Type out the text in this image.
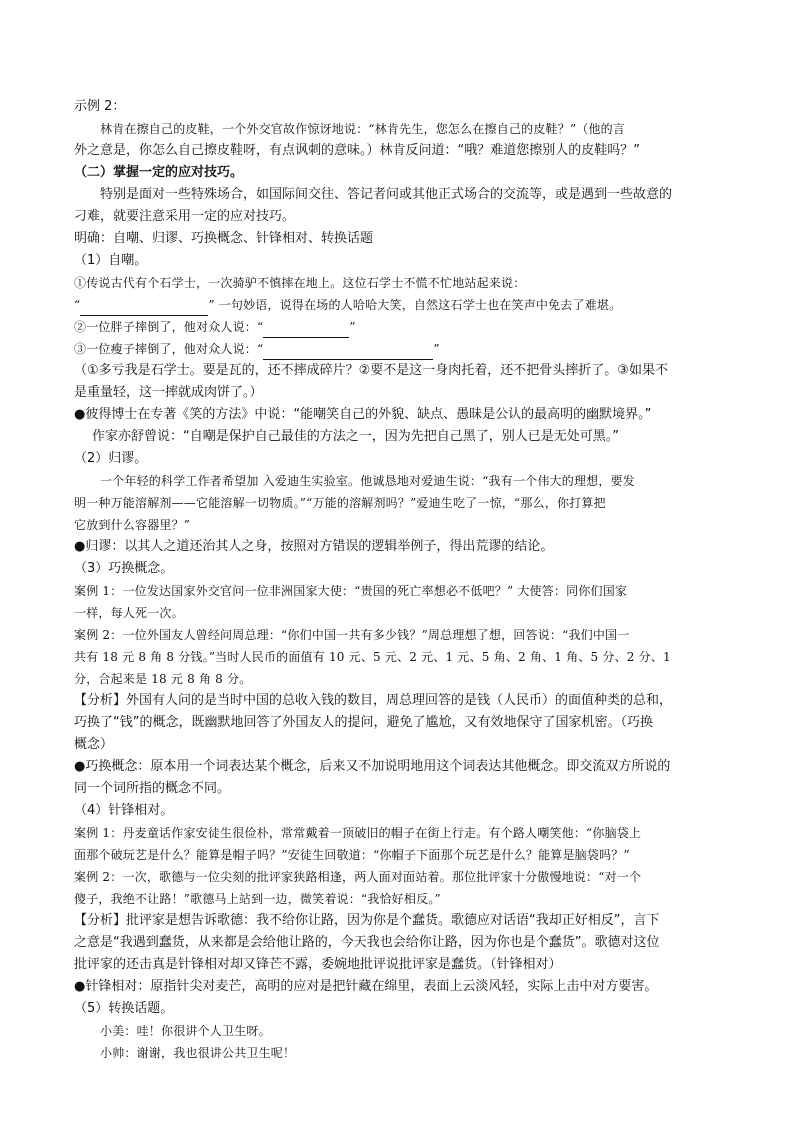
示例 2：
林肯在擦自己的皮鞋，一个外交官故作惊讶地说：“林肯先生，您怎么在擦自己的皮鞋？”（他的言
外之意是，你怎么自己擦皮鞋呀，有点讽刺的意味。）林肯反问道：“哦？难道您擦别人的皮鞋吗？”
（二）掌握一定的应对技巧。
特别是面对一些特殊场合，如国际间交往、答记者问或其他正式场合的交流等，或是遇到一些故意的
刁难，就要注意采用一定的应对技巧。
明确：自嘲、归谬、巧换概念、针锋相对、转换话题
（1）自嘲。
①传说古代有个石学士，一次骑驴不慎摔在地上。这位石学士不慌不忙地站起来说：
“	” 一句妙语，说得在场的人哈哈大笑，自然这石学士也在笑声中免去了难堪。
②一位胖子摔倒了，他对众人说：“	”
③一位瘦子摔倒了，他对众人说：“	”
（①多亏我是石学士。要是瓦的，还不摔成碎片？②要不是这一身肉托着，还不把骨头摔折了。③如果不
是重量轻，这一摔就成肉饼了。）
●彼得博士在专著《笑的方法》中说：“能嘲笑自己的外貌、缺点、愚昧是公认的最高明的幽默境界。”
作家亦舒曾说：“自嘲是保护自己最佳的方法之一，因为先把自己黑了，别人已是无处可黑。”
（2）归谬。
一个年轻的科学工作者希望加 入爱迪生实验室。他诚恳地对爱迪生说：“我有一个伟大的理想，要发
明一种万能溶解剂——它能溶解一切物质。”“万能的溶解剂吗？”爱迪生吃了一惊，“那么，你打算把
它放到什么容器里？”
●归谬：以其人之道还治其人之身，按照对方错误的逻辑举例子，得出荒谬的结论。
（3）巧换概念。
案例 1：一位发达国家外交官问一位非洲国家大使：“贵国的死亡率想必不低吧？” 大使答：同你们国家
一样，每人死一次。
案例 2：一位外国友人曾经问周总理：“你们中国一共有多少钱？”周总理想了想，回答说：“我们中国一
共有 18 元 8 角 8 分钱。”当时人民币的面值有 10 元、5 元、2 元、1 元、5 角、2 角、1 角、5 分、2 分、1
分，合起来是 18 元 8 角 8 分。
【分析】外国有人问的是当时中国的总收入钱的数目，周总理回答的是钱（人民币）的面值种类的总和，
巧换了“钱”的概念，既幽默地回答了外国友人的提问，避免了尴尬，又有效地保守了国家机密。（巧换
概念）
●巧换概念：原本用一个词表达某个概念，后来又不加说明地用这个词表达其他概念。即交流双方所说的
同一个词所指的概念不同。
（4）针锋相对。
案例 1：丹麦童话作家安徒生很俭朴，常常戴着一顶破旧的帽子在街上行走。有个路人嘲笑他：“你脑袋上
面那个破玩艺是什么？能算是帽子吗？”安徒生回敬道：“你帽子下面那个玩艺是什么？能算是脑袋吗？”
案例 2：一次，歌德与一位尖刻的批评家狭路相逢，两人面对面站着。那位批评家十分傲慢地说：“对一个
傻子，我绝不让路！”歌德马上站到一边，微笑着说：“我恰好相反。”
【分析】批评家是想告诉歌德：我不给你让路，因为你是个蠢货。歌德应对话语“我却正好相反”，言下
之意是“我遇到蠢货，从来都是会给他让路的，今天我也会给你让路，因为你也是个蠢货”。歌德对这位
批评家的还击真是针锋相对却又锋芒不露，委婉地批评说批评家是蠢货。（针锋相对）
●针锋相对：原指针尖对麦芒，高明的应对是把针藏在绵里，表面上云淡风轻，实际上击中对方要害。
（5）转换话题。
小美：哇！你很讲个人卫生呀。
小帅：谢谢，我也很讲公共卫生呢！
